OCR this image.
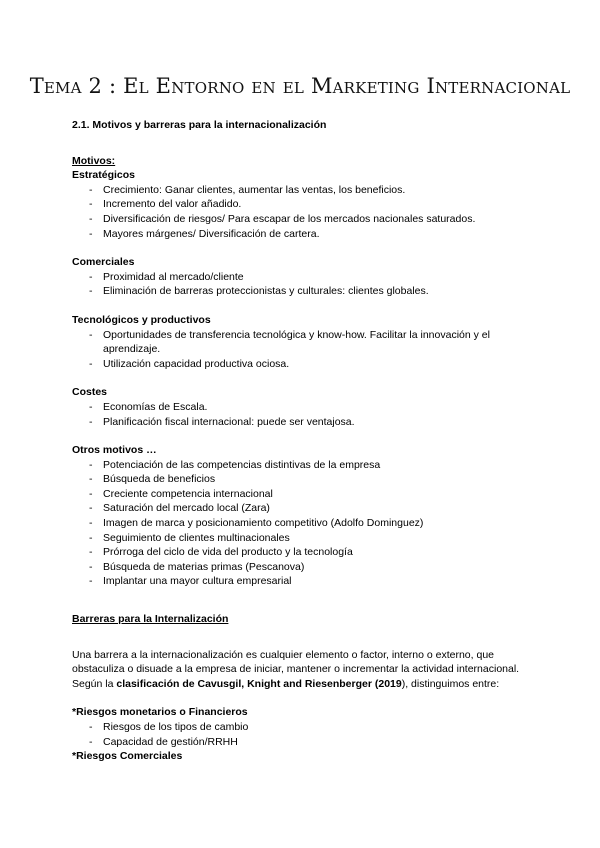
Tema 2 : El Entorno en el Marketing Internacional

2.1. Motivos y barreras para la internacionalización

Motivos:

Estratégicos

- Crecimiento: Ganar clientes, aumentar las ventas, los beneficios.
- Incremento del valor añadido.
- Diversificación de riesgos/ Para escapar de los mercados nacionales saturados.
- Mayores márgenes/ Diversificación de cartera.

Comerciales

- Proximidad al mercado/cliente
- Eliminación de barreras proteccionistas y culturales: clientes globales.

Tecnológicos y productivos

- Oportunidades de transferencia tecnológica y know-how. Facilitar la innovación y el aprendizaje.
- Utilización capacidad productiva ociosa.

Costes

- Economías de Escala.
- Planificación fiscal internacional: puede ser ventajosa.

Otros motivos …

- Potenciación de las competencias distintivas de la empresa
- Búsqueda de beneficios
- Creciente competencia internacional
- Saturación del mercado local (Zara)
- Imagen de marca y posicionamiento competitivo (Adolfo Dominguez)
- Seguimiento de clientes multinacionales
- Prórroga del ciclo de vida del producto y la tecnología
- Búsqueda de materias primas (Pescanova)
- Implantar una mayor cultura empresarial

Barreras para la Internalización

Una barrera a la internacionalización es cualquier elemento o factor, interno o externo, que obstaculiza o disuade a la empresa de iniciar, mantener o incrementar la actividad internacional. Según la clasificación de Cavusgil, Knight and Riesenberger (2019), distinguimos entre:

*Riesgos monetarios o Financieros

- Riesgos de los tipos de cambio
- Capacidad de gestión/RRHH

*Riesgos Comerciales
